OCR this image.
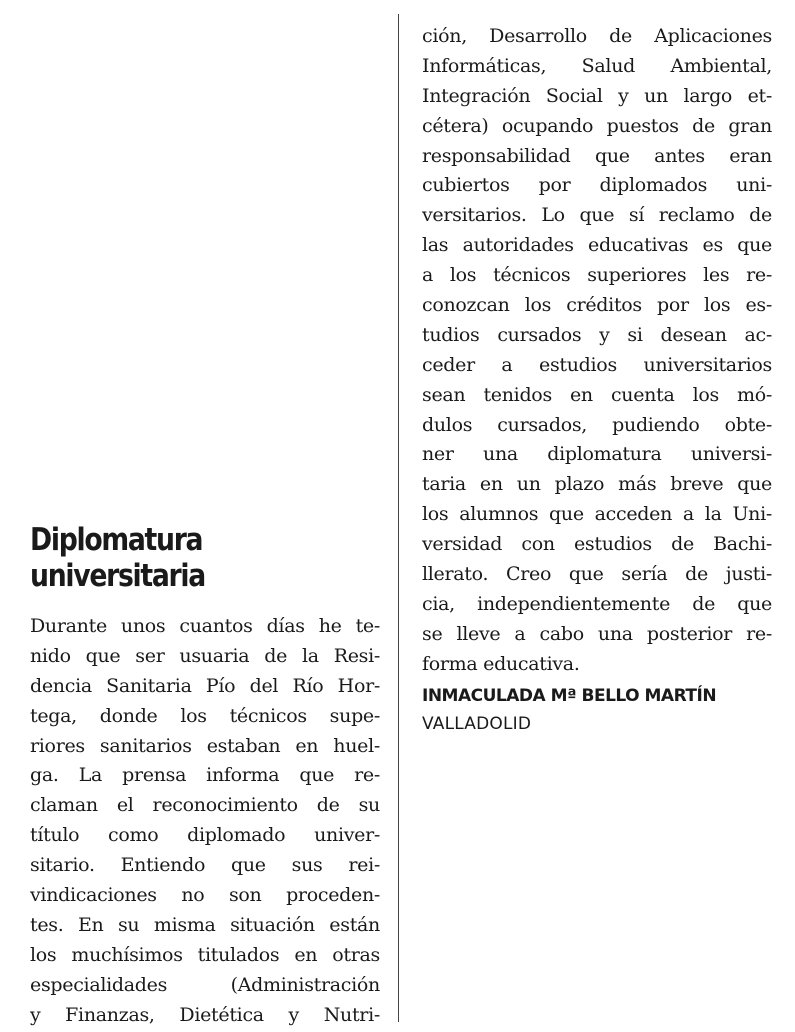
Diplomatura
universitaria
Durante unos cuantos días he te-
nido que ser usuaria de la Resi-
dencia Sanitaria Pío del Río Hor-
tega, donde los técnicos supe-
riores sanitarios estaban en huel-
ga. La prensa informa que re-
claman el reconocimiento de su
título como diplomado univer-
sitario. Entiendo que sus rei-
vindicaciones no son proceden-
tes. En su misma situación están
los muchísimos titulados en otras
especialidades (Administración
y Finanzas, Dietética y Nutri-
ción, Desarrollo de Aplicaciones
Informáticas, Salud Ambiental,
Integración Social y un largo et-
cétera) ocupando puestos de gran
responsabilidad que antes eran
cubiertos por diplomados uni-
versitarios. Lo que sí reclamo de
las autoridades educativas es que
a los técnicos superiores les re-
conozcan los créditos por los es-
tudios cursados y si desean ac-
ceder a estudios universitarios
sean tenidos en cuenta los mó-
dulos cursados, pudiendo obte-
ner una diplomatura universi-
taria en un plazo más breve que
los alumnos que acceden a la Uni-
versidad con estudios de Bachi-
llerato. Creo que sería de justi-
cia, independientemente de que
se lleve a cabo una posterior re-
forma educativa.
INMACULADA Mª BELLO MARTÍN
VALLADOLID
